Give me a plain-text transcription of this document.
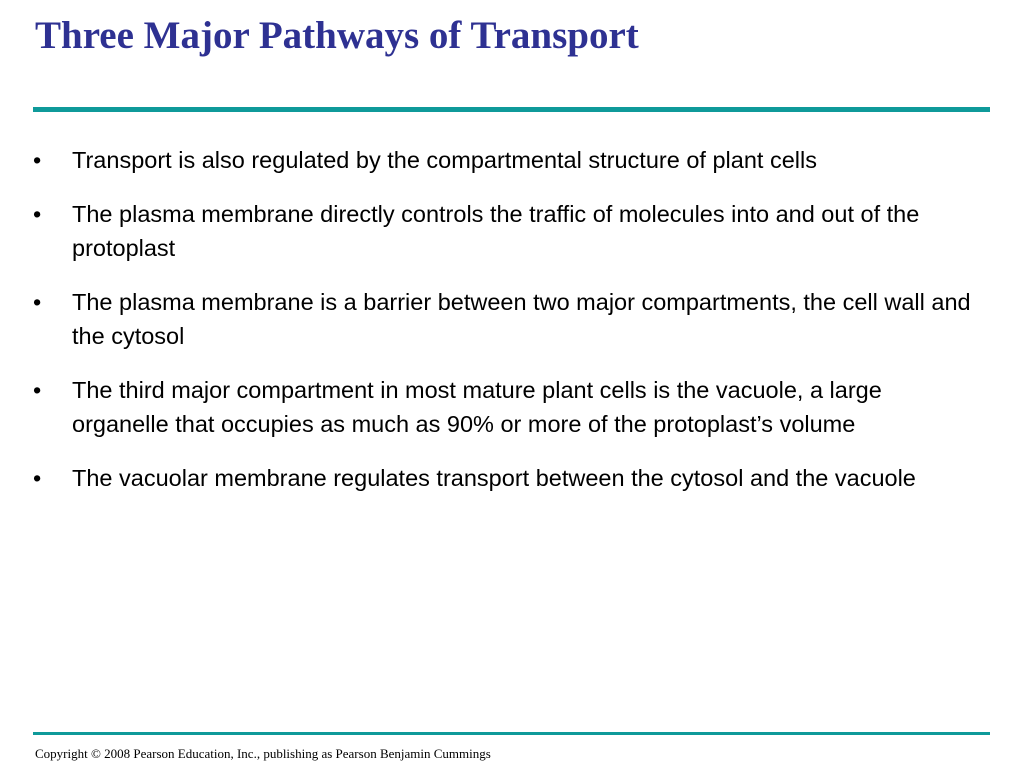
Three Major Pathways of Transport
•	Transport is also regulated by the compartmental structure of plant cells
•	The plasma membrane directly controls the traffic of molecules into and out of the protoplast
•	The plasma membrane is a barrier between two major compartments, the cell wall and the cytosol
•	The third major compartment in most mature plant cells is the vacuole, a large organelle that occupies as much as 90% or more of the protoplast’s volume
•	The vacuolar membrane regulates transport between the cytosol and the vacuole
Copyright © 2008 Pearson Education, Inc., publishing as Pearson Benjamin Cummings
